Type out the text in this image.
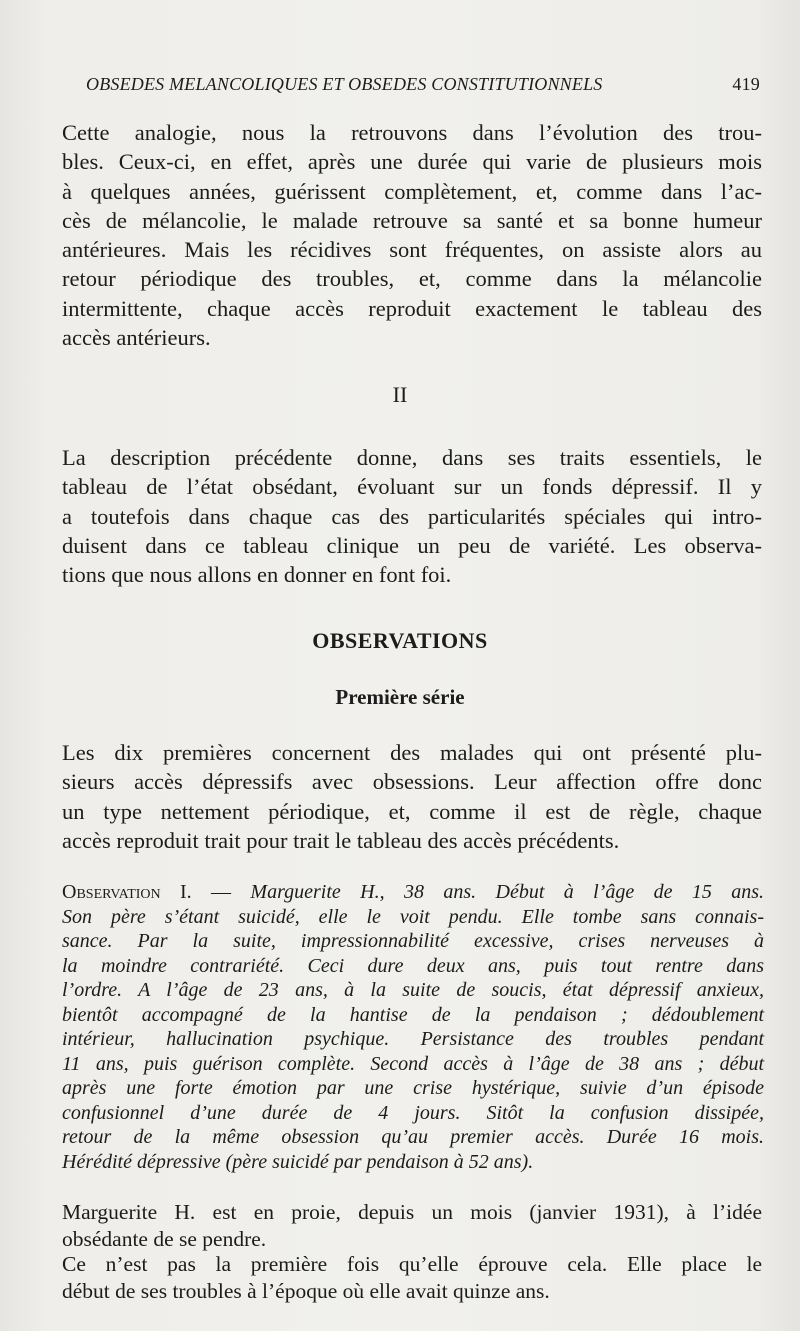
OBSEDES MELANCOLIQUES ET OBSEDES CONSTITUTIONNELS	419
Cette analogie, nous la retrouvons dans l’évolution des trou-
bles. Ceux-ci, en effet, après une durée qui varie de plusieurs mois
à quelques années, guérissent complètement, et, comme dans l’ac-
cès de mélancolie, le malade retrouve sa santé et sa bonne humeur
antérieures. Mais les récidives sont fréquentes, on assiste alors au
retour périodique des troubles, et, comme dans la mélancolie
intermittente, chaque accès reproduit exactement le tableau des
accès antérieurs.
II
La description précédente donne, dans ses traits essentiels, le
tableau de l’état obsédant, évoluant sur un fonds dépressif. Il y
a toutefois dans chaque cas des particularités spéciales qui intro-
duisent dans ce tableau clinique un peu de variété. Les observa-
tions que nous allons en donner en font foi.
OBSERVATIONS
Première série
Les dix premières concernent des malades qui ont présenté plu-
sieurs accès dépressifs avec obsessions. Leur affection offre donc
un type nettement périodique, et, comme il est de règle, chaque
accès reproduit trait pour trait le tableau des accès précédents.
Observation I. — Marguerite H., 38 ans. Début à l’âge de 15 ans.
Son père s’étant suicidé, elle le voit pendu. Elle tombe sans connais-
sance. Par la suite, impressionnabilité excessive, crises nerveuses à
la moindre contrariété. Ceci dure deux ans, puis tout rentre dans
l’ordre. A l’âge de 23 ans, à la suite de soucis, état dépressif anxieux,
bientôt accompagné de la hantise de la pendaison ; dédoublement
intérieur, hallucination psychique. Persistance des troubles pendant
11 ans, puis guérison complète. Second accès à l’âge de 38 ans ; début
après une forte émotion par une crise hystérique, suivie d’un épisode
confusionnel d’une durée de 4 jours. Sitôt la confusion dissipée,
retour de la même obsession qu’au premier accès. Durée 16 mois.
Hérédité dépressive (père suicidé par pendaison à 52 ans).
Marguerite H. est en proie, depuis un mois (janvier 1931), à l’idée
obsédante de se pendre.
Ce n’est pas la première fois qu’elle éprouve cela. Elle place le
début de ses troubles à l’époque où elle avait quinze ans.
